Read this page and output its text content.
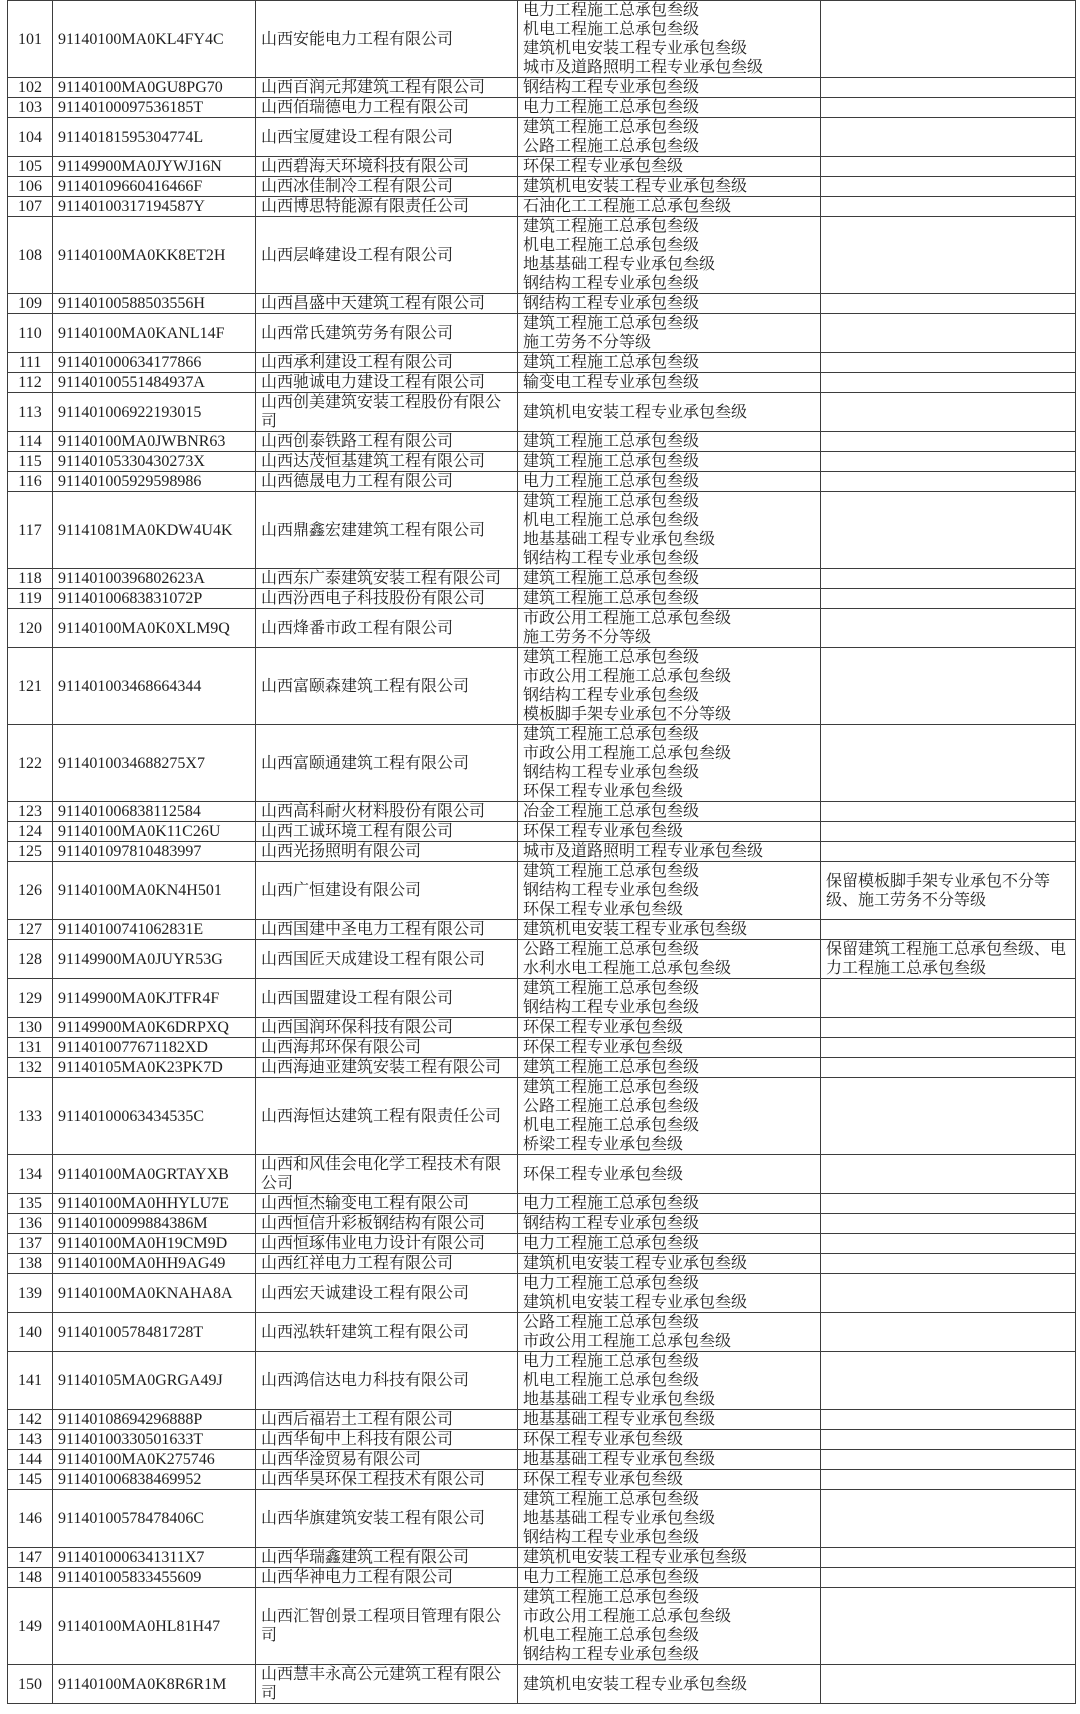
101	91140100MA0KL4FY4C	山西安能电力工程有限公司	电力工程施工总承包叁级
机电工程施工总承包叁级
建筑机电安装工程专业承包叁级
城市及道路照明工程专业承包叁级	

102	91140100MA0GU8PG70	山西百润元邦建筑工程有限公司	钢结构工程专业承包叁级	

103	91140100097536185T	山西佰瑞德电力工程有限公司	电力工程施工总承包叁级	

104	91140181595304774L	山西宝厦建设工程有限公司	建筑工程施工总承包叁级
公路工程施工总承包叁级	

105	91149900MA0JYWJ16N	山西碧海天环境科技有限公司	环保工程专业承包叁级	

106	91140109660416466F	山西冰佳制冷工程有限公司	建筑机电安装工程专业承包叁级	

107	91140100317194587Y	山西博思特能源有限责任公司	石油化工工程施工总承包叁级	

108	91140100MA0KK8ET2H	山西层峰建设工程有限公司	建筑工程施工总承包叁级
机电工程施工总承包叁级
地基基础工程专业承包叁级
钢结构工程专业承包叁级	

109	91140100588503556H	山西昌盛中天建筑工程有限公司	钢结构工程专业承包叁级	

110	91140100MA0KANL14F	山西常氏建筑劳务有限公司	建筑工程施工总承包叁级
施工劳务不分等级	

111	911401000634177866	山西承利建设工程有限公司	建筑工程施工总承包叁级	

112	91140100551484937A	山西驰诚电力建设工程有限公司	输变电工程专业承包叁级	

113	911401006922193015	山西创美建筑安装工程股份有限公司	建筑机电安装工程专业承包叁级	

114	91140100MA0JWBNR63	山西创泰铁路工程有限公司	建筑工程施工总承包叁级	

115	91140105330430273X	山西达茂恒基建筑工程有限公司	建筑工程施工总承包叁级	

116	911401005929598986	山西德晟电力工程有限公司	电力工程施工总承包叁级	

117	91141081MA0KDW4U4K	山西鼎鑫宏建建筑工程有限公司	建筑工程施工总承包叁级
机电工程施工总承包叁级
地基基础工程专业承包叁级
钢结构工程专业承包叁级	

118	91140100396802623A	山西东广泰建筑安装工程有限公司	建筑工程施工总承包叁级	

119	91140100683831072P	山西汾西电子科技股份有限公司	建筑工程施工总承包叁级	

120	91140100MA0K0XLM9Q	山西烽番市政工程有限公司	市政公用工程施工总承包叁级
施工劳务不分等级	

121	911401003468664344	山西富颐森建筑工程有限公司	建筑工程施工总承包叁级
市政公用工程施工总承包叁级
钢结构工程专业承包叁级
模板脚手架专业承包不分等级	

122	9114010034688275X7	山西富颐通建筑工程有限公司	建筑工程施工总承包叁级
市政公用工程施工总承包叁级
钢结构工程专业承包叁级
环保工程专业承包叁级	

123	911401006838112584	山西高科耐火材料股份有限公司	冶金工程施工总承包叁级	

124	91140100MA0K11C26U	山西工诚环境工程有限公司	环保工程专业承包叁级	

125	911401097810483997	山西光扬照明有限公司	城市及道路照明工程专业承包叁级	

126	91140100MA0KN4H501	山西广恒建设有限公司	建筑工程施工总承包叁级
钢结构工程专业承包叁级
环保工程专业承包叁级	保留模板脚手架专业承包不分等级、施工劳务不分等级
127	91140100741062831E	山西国建中圣电力工程有限公司	建筑机电安装工程专业承包叁级	

128	91149900MA0JUYR53G	山西国匠天成建设工程有限公司	公路工程施工总承包叁级
水利水电工程施工总承包叁级	保留建筑工程施工总承包叁级、电力工程施工总承包叁级
129	91149900MA0KJTFR4F	山西国盟建设工程有限公司	建筑工程施工总承包叁级
钢结构工程专业承包叁级	

130	91149900MA0K6DRPXQ	山西国润环保科技有限公司	环保工程专业承包叁级	

131	9114010077671182XD	山西海邦环保有限公司	环保工程专业承包叁级	

132	91140105MA0K23PK7D	山西海迪亚建筑安装工程有限公司	建筑工程施工总承包叁级	

133	91140100063434535C	山西海恒达建筑工程有限责任公司	建筑工程施工总承包叁级
公路工程施工总承包叁级
机电工程施工总承包叁级
桥梁工程专业承包叁级	

134	91140100MA0GRTAYXB	山西和风佳会电化学工程技术有限公司	环保工程专业承包叁级	

135	91140100MA0HHYLU7E	山西恒杰输变电工程有限公司	电力工程施工总承包叁级	

136	91140100099884386M	山西恒信升彩板钢结构有限公司	钢结构工程专业承包叁级	

137	91140100MA0H19CM9D	山西恒琢伟业电力设计有限公司	电力工程施工总承包叁级	

138	91140100MA0HH9AG49	山西红祥电力工程有限公司	建筑机电安装工程专业承包叁级	

139	91140100MA0KNAHA8A	山西宏天诚建设工程有限公司	电力工程施工总承包叁级
建筑机电安装工程专业承包叁级	

140	91140100578481728T	山西泓轶轩建筑工程有限公司	公路工程施工总承包叁级
市政公用工程施工总承包叁级	

141	91140105MA0GRGA49J	山西鸿信达电力科技有限公司	电力工程施工总承包叁级
机电工程施工总承包叁级
地基基础工程专业承包叁级	

142	91140108694296888P	山西后福岩土工程有限公司	地基基础工程专业承包叁级	

143	91140100330501633T	山西华甸中上科技有限公司	环保工程专业承包叁级	

144	91140100MA0K275746	山西华淦贸易有限公司	地基基础工程专业承包叁级	

145	911401006838469952	山西华昊环保工程技术有限公司	环保工程专业承包叁级	

146	91140100578478406C	山西华旗建筑安装工程有限公司	建筑工程施工总承包叁级
地基基础工程专业承包叁级
钢结构工程专业承包叁级	

147	9114010006341311X7	山西华瑞鑫建筑工程有限公司	建筑机电安装工程专业承包叁级	

148	911401005833455609	山西华神电力工程有限公司	电力工程施工总承包叁级	

149	91140100MA0HL81H47	山西汇智创景工程项目管理有限公司	建筑工程施工总承包叁级
市政公用工程施工总承包叁级
机电工程施工总承包叁级
钢结构工程专业承包叁级	

150	91140100MA0K8R6R1M	山西慧丰永高公元建筑工程有限公司	建筑机电安装工程专业承包叁级	
